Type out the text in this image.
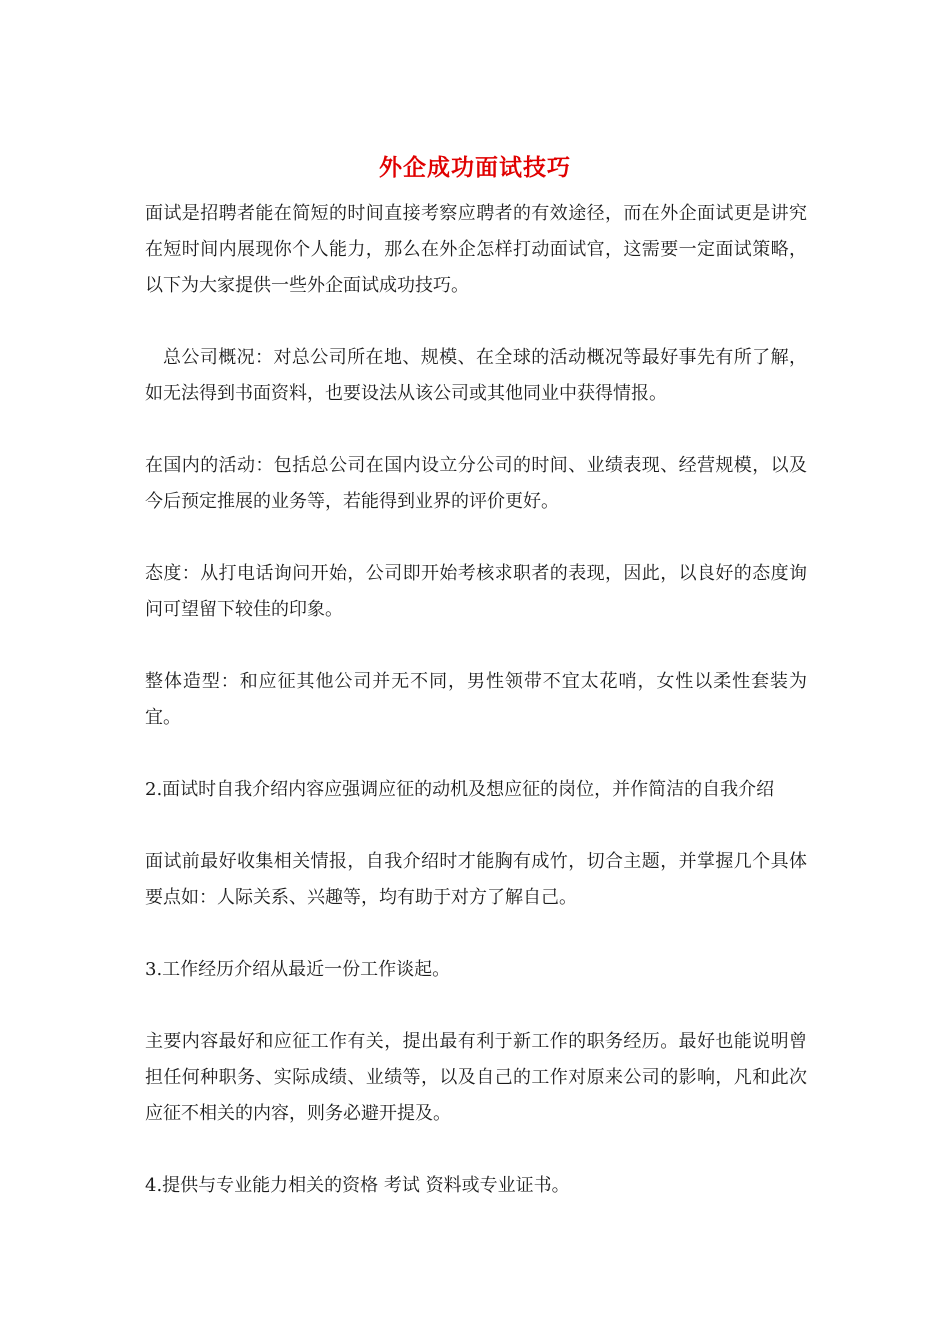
外企成功面试技巧

面试是招聘者能在简短的时间直接考察应聘者的有效途径，而在外企面试更是讲究在短时间内展现你个人能力，那么在外企怎样打动面试官，这需要一定面试策略，以下为大家提供一些外企面试成功技巧。

总公司概况：对总公司所在地、规模、在全球的活动概况等最好事先有所了解，如无法得到书面资料，也要设法从该公司或其他同业中获得情报。

在国内的活动：包括总公司在国内设立分公司的时间、业绩表现、经营规模，以及今后预定推展的业务等，若能得到业界的评价更好。

态度：从打电话询问开始，公司即开始考核求职者的表现，因此，以良好的态度询问可望留下较佳的印象。

整体造型：和应征其他公司并无不同，男性领带不宜太花哨，女性以柔性套装为宜。

2.面试时自我介绍内容应强调应征的动机及想应征的岗位，并作简洁的自我介绍

面试前最好收集相关情报，自我介绍时才能胸有成竹，切合主题，并掌握几个具体要点如：人际关系、兴趣等，均有助于对方了解自己。

3.工作经历介绍从最近一份工作谈起。

主要内容最好和应征工作有关，提出最有利于新工作的职务经历。最好也能说明曾担任何种职务、实际成绩、业绩等，以及自己的工作对原来公司的影响，凡和此次应征不相关的内容，则务必避开提及。

4.提供与专业能力相关的资格 考试 资料或专业证书。
